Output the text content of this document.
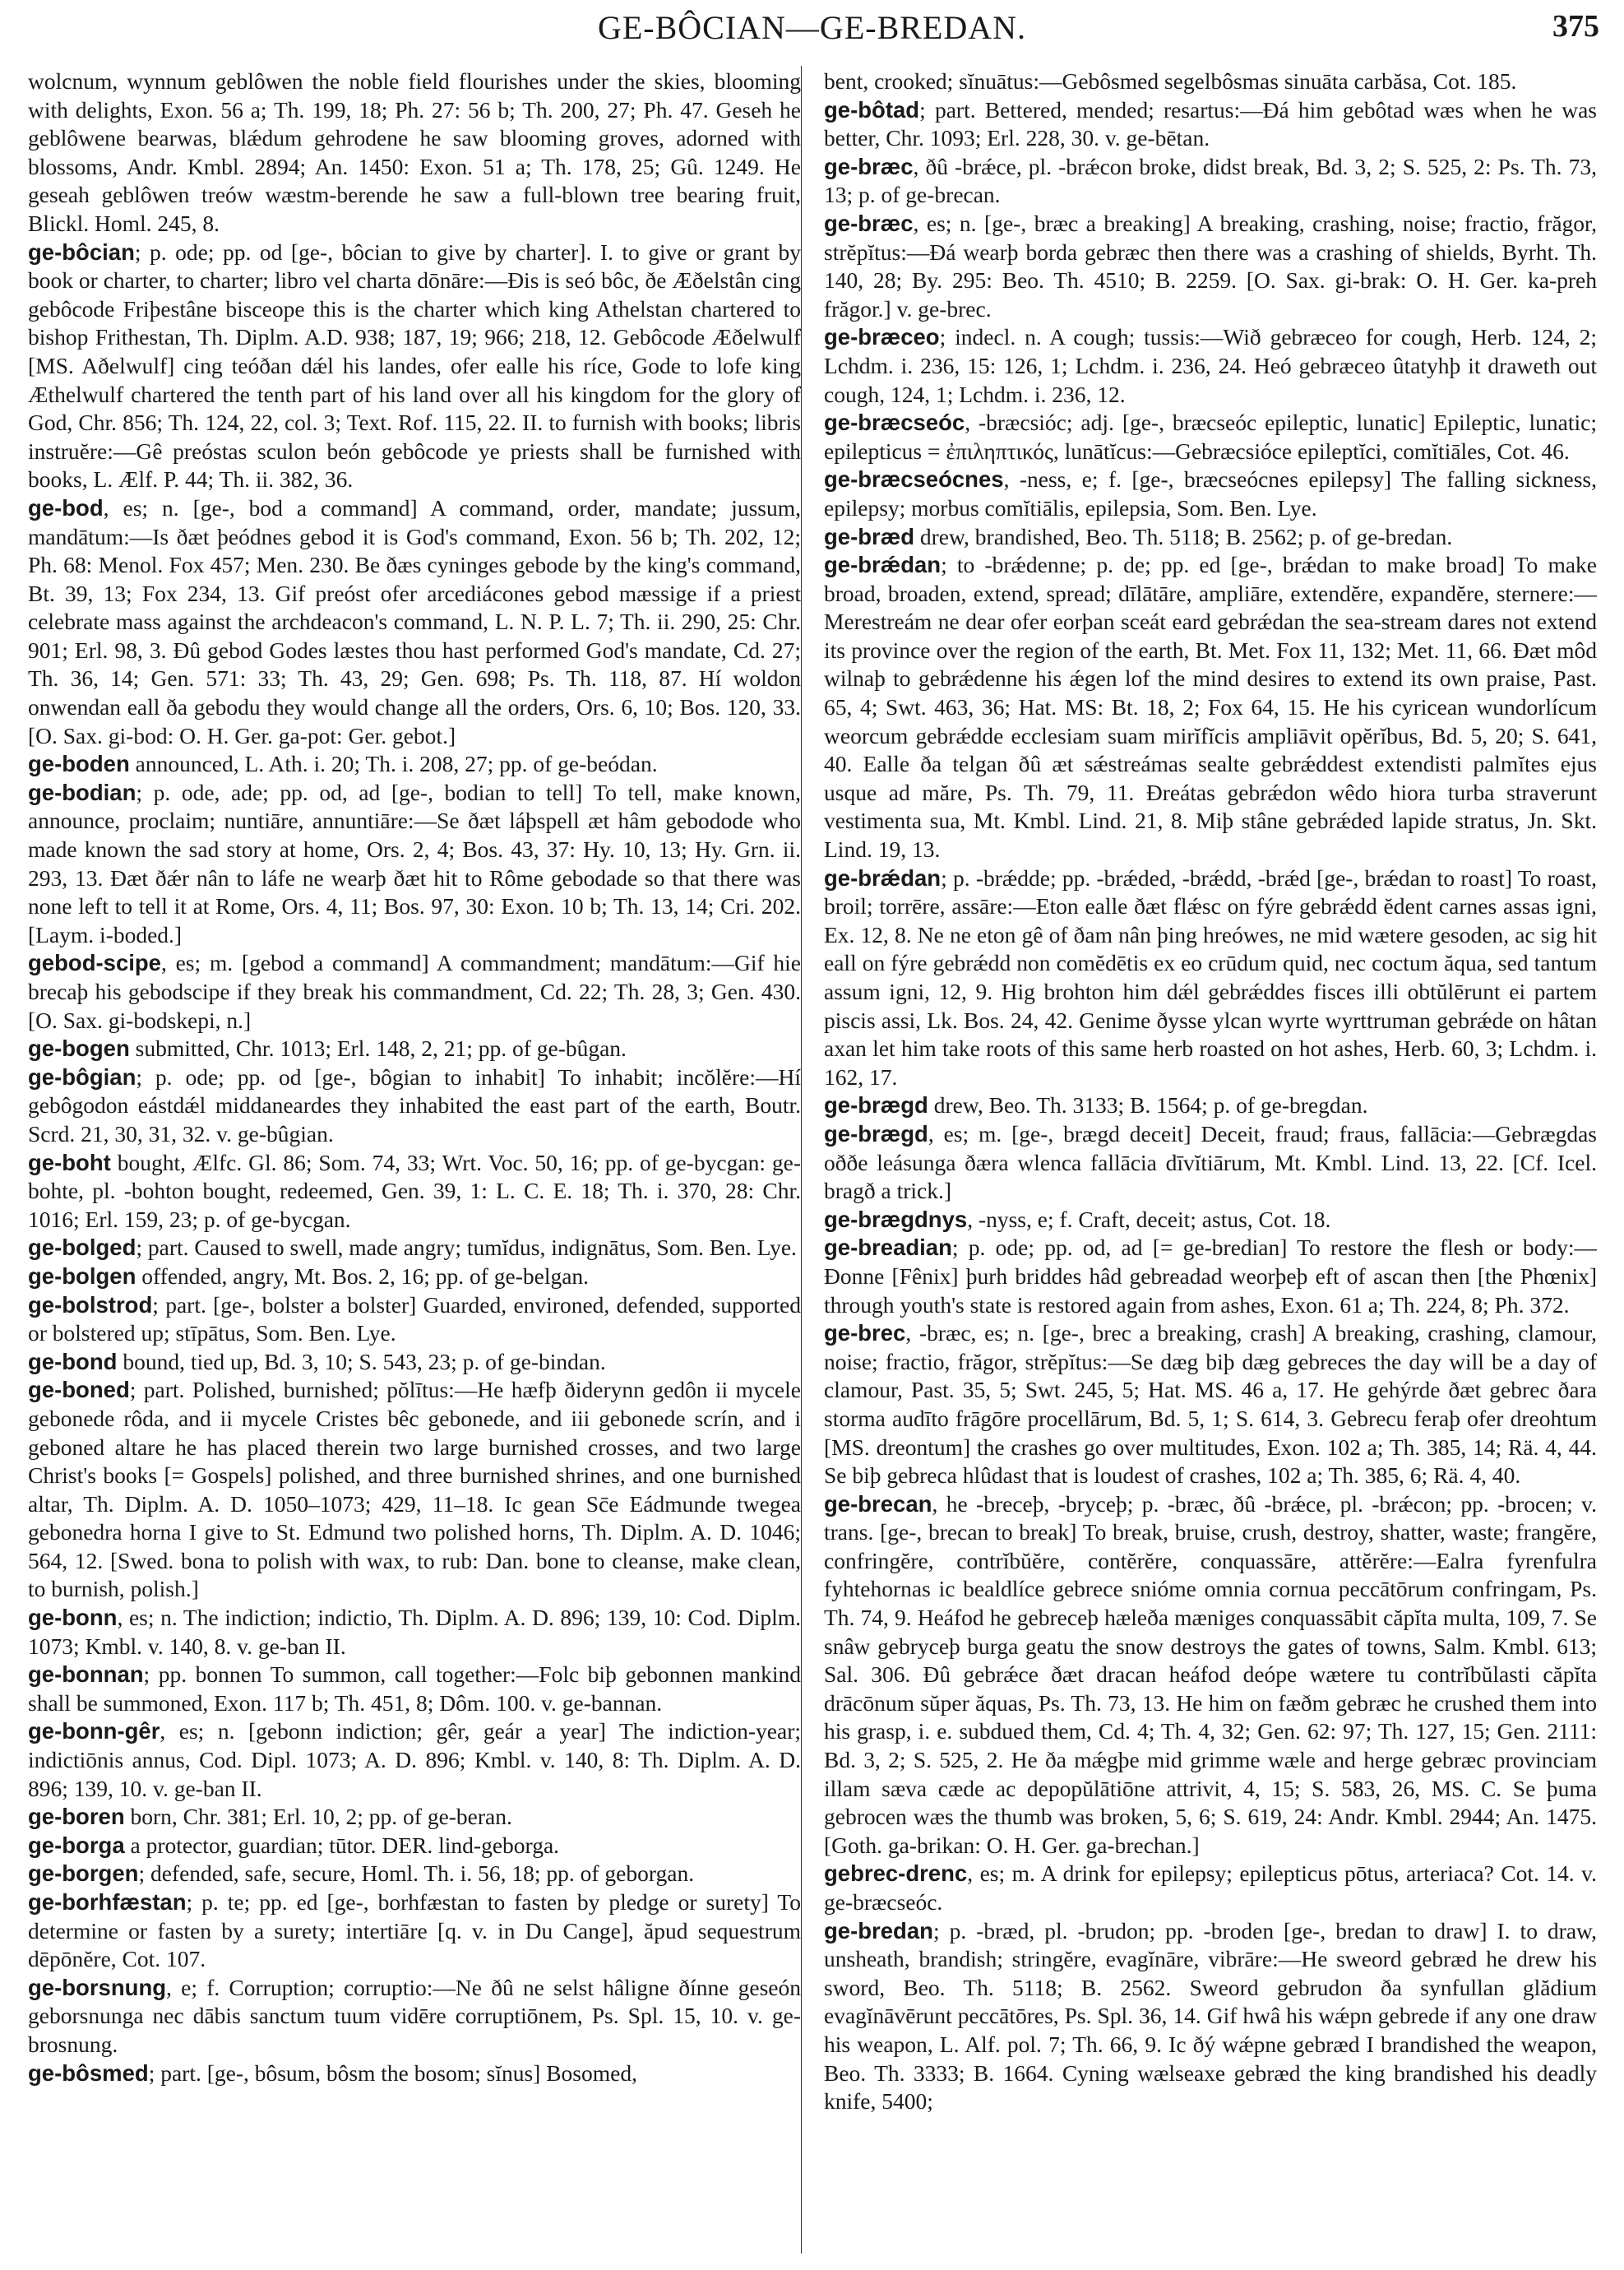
GE-BÔCIAN—GE-BREDAN.	375

wolcnum, wynnum geblôwen the noble field flourishes under the skies, blooming with delights, Exon. 56 a; Th. 199, 18; Ph. 27: 56 b; Th. 200, 27; Ph. 47. Geseh he geblôwene bearwas, blǽdum gehrodene he saw blooming groves, adorned with blossoms, Andr. Kmbl. 2894; An. 1450: Exon. 51 a; Th. 178, 25; Gû. 1249. He geseah geblôwen treów wæstm-berende he saw a full-blown tree bearing fruit, Blickl. Homl. 245, 8.

ge-bôcian; p. ode; pp. od [ge-, bôcian to give by charter]. I. to give or grant by book or charter, to charter; libro vel charta dōnāre:—Ðis is seó bôc, ðe Æðelstân cing gebôcode Friþestâne bisceope this is the charter which king Athelstan chartered to bishop Frithestan, Th. Diplm. A.D. 938; 187, 19; 966; 218, 12. Gebôcode Æðelwulf [MS. Aðelwulf] cing teóðan dǽl his landes, ofer ealle his ríce, Gode to lofe king Æthelwulf chartered the tenth part of his land over all his kingdom for the glory of God, Chr. 856; Th. 124, 22, col. 3; Text. Rof. 115, 22. II. to furnish with books; libris instruĕre:—Gê preóstas sculon beón gebôcode ye priests shall be furnished with books, L. Ælf. P. 44; Th. ii. 382, 36.

ge-bod, es; n. [ge-, bod a command] A command, order, mandate; jussum, mandātum:—Is ðæt þeódnes gebod it is God's command, Exon. 56 b; Th. 202, 12; Ph. 68: Menol. Fox 457; Men. 230. Be ðæs cyninges gebode by the king's command, Bt. 39, 13; Fox 234, 13. Gif preóst ofer arcediácones gebod mæssige if a priest celebrate mass against the archdeacon's command, L. N. P. L. 7; Th. ii. 290, 25: Chr. 901; Erl. 98, 3. Ðû gebod Godes læstes thou hast performed God's mandate, Cd. 27; Th. 36, 14; Gen. 571: 33; Th. 43, 29; Gen. 698; Ps. Th. 118, 87. Hí woldon onwendan eall ða gebodu they would change all the orders, Ors. 6, 10; Bos. 120, 33. [O. Sax. gi-bod: O. H. Ger. ga-pot: Ger. gebot.]

ge-boden announced, L. Ath. i. 20; Th. i. 208, 27; pp. of ge-beódan.

ge-bodian; p. ode, ade; pp. od, ad [ge-, bodian to tell] To tell, make known, announce, proclaim; nuntiāre, annuntiāre:—Se ðæt láþspell æt hâm gebodode who made known the sad story at home, Ors. 2, 4; Bos. 43, 37: Hy. 10, 13; Hy. Grn. ii. 293, 13. Ðæt ðǽr nân to láfe ne wearþ ðæt hit to Rôme gebodade so that there was none left to tell it at Rome, Ors. 4, 11; Bos. 97, 30: Exon. 10 b; Th. 13, 14; Cri. 202. [Laym. i-boded.]

gebod-scipe, es; m. [gebod a command] A commandment; mandātum:—Gif hie brecaþ his gebodscipe if they break his commandment, Cd. 22; Th. 28, 3; Gen. 430. [O. Sax. gi-bodskepi, n.]

ge-bogen submitted, Chr. 1013; Erl. 148, 2, 21; pp. of ge-bûgan.

ge-bôgian; p. ode; pp. od [ge-, bôgian to inhabit] To inhabit; incŏlĕre:—Hí gebôgodon eástdǽl middaneardes they inhabited the east part of the earth, Boutr. Scrd. 21, 30, 31, 32. v. ge-bûgian.

ge-boht bought, Ælfc. Gl. 86; Som. 74, 33; Wrt. Voc. 50, 16; pp. of ge-bycgan: ge-bohte, pl. -bohton bought, redeemed, Gen. 39, 1: L. C. E. 18; Th. i. 370, 28: Chr. 1016; Erl. 159, 23; p. of ge-bycgan.

ge-bolged; part. Caused to swell, made angry; tumĭdus, indignātus, Som. Ben. Lye.

ge-bolgen offended, angry, Mt. Bos. 2, 16; pp. of ge-belgan.

ge-bolstrod; part. [ge-, bolster a bolster] Guarded, environed, defended, supported or bolstered up; stīpātus, Som. Ben. Lye.

ge-bond bound, tied up, Bd. 3, 10; S. 543, 23; p. of ge-bindan.

ge-boned; part. Polished, burnished; pŏlītus:—He hæfþ ðiderynn gedôn ii mycele gebonede rôda, and ii mycele Cristes bêc gebonede, and iii gebonede scrín, and i geboned altare he has placed therein two large burnished crosses, and two large Christ's books [= Gospels] polished, and three burnished shrines, and one burnished altar, Th. Diplm. A. D. 1050–1073; 429, 11–18. Ic gean Sc̄e Eádmunde twegea gebonedra horna I give to St. Edmund two polished horns, Th. Diplm. A. D. 1046; 564, 12. [Swed. bona to polish with wax, to rub: Dan. bone to cleanse, make clean, to burnish, polish.]

ge-bonn, es; n. The indiction; indictio, Th. Diplm. A. D. 896; 139, 10: Cod. Diplm. 1073; Kmbl. v. 140, 8. v. ge-ban II.

ge-bonnan; pp. bonnen To summon, call together:—Folc biþ gebonnen mankind shall be summoned, Exon. 117 b; Th. 451, 8; Dôm. 100. v. ge-bannan.

ge-bonn-gêr, es; n. [gebonn indiction; gêr, geár a year] The indiction-year; indictiōnis annus, Cod. Dipl. 1073; A. D. 896; Kmbl. v. 140, 8: Th. Diplm. A. D. 896; 139, 10. v. ge-ban II.

ge-boren born, Chr. 381; Erl. 10, 2; pp. of ge-beran.

ge-borga a protector, guardian; tūtor. DER. lind-geborga.

ge-borgen; defended, safe, secure, Homl. Th. i. 56, 18; pp. of geborgan.

ge-borhfæstan; p. te; pp. ed [ge-, borhfæstan to fasten by pledge or surety] To determine or fasten by a surety; intertiāre [q. v. in Du Cange], ăpud sequestrum dēpōnĕre, Cot. 107.

ge-borsnung, e; f. Corruption; corruptio:—Ne ðû ne selst hâligne ðínne geseón geborsnunga nec dābis sanctum tuum vidēre corruptiōnem, Ps. Spl. 15, 10. v. ge-brosnung.

ge-bôsmed; part. [ge-, bôsum, bôsm the bosom; sĭnus] Bosomed,

bent, crooked; sĭnuātus:—Gebôsmed segelbôsmas sinuāta carbăsa, Cot. 185.

ge-bôtad; part. Bettered, mended; resartus:—Ðá him gebôtad wæs when he was better, Chr. 1093; Erl. 228, 30. v. ge-bētan.

ge-bræc, ðû -brǽce, pl. -brǽcon broke, didst break, Bd. 3, 2; S. 525, 2: Ps. Th. 73, 13; p. of ge-brecan.

ge-bræc, es; n. [ge-, bræc a breaking] A breaking, crashing, noise; fractio, frăgor, strĕpĭtus:—Ðá wearþ borda gebræc then there was a crashing of shields, Byrht. Th. 140, 28; By. 295: Beo. Th. 4510; B. 2259. [O. Sax. gi-brak: O. H. Ger. ka-preh frăgor.] v. ge-brec.

ge-bræceo; indecl. n. A cough; tussis:—Wið gebræceo for cough, Herb. 124, 2; Lchdm. i. 236, 15: 126, 1; Lchdm. i. 236, 24. Heó gebræceo ûtatyhþ it draweth out cough, 124, 1; Lchdm. i. 236, 12.

ge-bræcseóc, -bræcsióc; adj. [ge-, bræcseóc epileptic, lunatic] Epileptic, lunatic; epilepticus = ἐπιληπτικός, lunātĭcus:—Gebræcsióce epileptĭci, comĭtiāles, Cot. 46.

ge-bræcseócnes, -ness, e; f. [ge-, bræcseócnes epilepsy] The falling sickness, epilepsy; morbus comĭtiālis, epilepsia, Som. Ben. Lye.

ge-bræd drew, brandished, Beo. Th. 5118; B. 2562; p. of ge-bredan.

ge-brǽdan; to -brǽdenne; p. de; pp. ed [ge-, brǽdan to make broad] To make broad, broaden, extend, spread; dīlātāre, ampliāre, extendĕre, expandĕre, sternere:—Merestreám ne dear ofer eorþan sceát eard gebrǽdan the sea-stream dares not extend its province over the region of the earth, Bt. Met. Fox 11, 132; Met. 11, 66. Ðæt môd wilnaþ to gebrǽdenne his ǽgen lof the mind desires to extend its own praise, Past. 65, 4; Swt. 463, 36; Hat. MS: Bt. 18, 2; Fox 64, 15. He his cyricean wundorlícum weorcum gebrǽdde ecclesiam suam mirĭfĭcis ampliāvit opĕrĭbus, Bd. 5, 20; S. 641, 40. Ealle ða telgan ðû æt sǽstreámas sealte gebrǽddest extendisti palmĭtes ejus usque ad măre, Ps. Th. 79, 11. Ðreátas gebrǽdon wêdo hiora turba straverunt vestimenta sua, Mt. Kmbl. Lind. 21, 8. Miþ stâne gebrǽded lapide stratus, Jn. Skt. Lind. 19, 13.

ge-brǽdan; p. -brǽdde; pp. -brǽded, -brǽdd, -brǽd [ge-, brǽdan to roast] To roast, broil; torrēre, assāre:—Eton ealle ðæt flǽsc on fýre gebrǽdd ĕdent carnes assas igni, Ex. 12, 8. Ne ne eton gê of ðam nân þing hreówes, ne mid wætere gesoden, ac sig hit eall on fýre gebrǽdd non comĕdētis ex eo crūdum quid, nec coctum ăqua, sed tantum assum igni, 12, 9. Hig brohton him dǽl gebrǽddes fisces illi obtŭlērunt ei partem piscis assi, Lk. Bos. 24, 42. Genime ðysse ylcan wyrte wyrttruman gebrǽde on hâtan axan let him take roots of this same herb roasted on hot ashes, Herb. 60, 3; Lchdm. i. 162, 17.

ge-brægd drew, Beo. Th. 3133; B. 1564; p. of ge-bregdan.

ge-brægd, es; m. [ge-, brægd deceit] Deceit, fraud; fraus, fallācia:—Gebrægdas oððe leásunga ðæra wlenca fallācia dīvĭtiārum, Mt. Kmbl. Lind. 13, 22. [Cf. Icel. bragð a trick.]

ge-brægdnys, -nyss, e; f. Craft, deceit; astus, Cot. 18.

ge-breadian; p. ode; pp. od, ad [= ge-bredian] To restore the flesh or body:—Ðonne [Fênix] þurh briddes hâd gebreadad weorþeþ eft of ascan then [the Phœnix] through youth's state is restored again from ashes, Exon. 61 a; Th. 224, 8; Ph. 372.

ge-brec, -bræc, es; n. [ge-, brec a breaking, crash] A breaking, crashing, clamour, noise; fractio, frăgor, strĕpĭtus:—Se dæg biþ dæg gebreces the day will be a day of clamour, Past. 35, 5; Swt. 245, 5; Hat. MS. 46 a, 17. He gehýrde ðæt gebrec ðara storma audīto frāgōre procellārum, Bd. 5, 1; S. 614, 3. Gebrecu feraþ ofer dreohtum [MS. dreontum] the crashes go over multitudes, Exon. 102 a; Th. 385, 14; Rä. 4, 44. Se biþ gebreca hlûdast that is loudest of crashes, 102 a; Th. 385, 6; Rä. 4, 40.

ge-brecan, he -breceþ, -bryceþ; p. -bræc, ðû -brǽce, pl. -brǽcon; pp. -brocen; v. trans. [ge-, brecan to break] To break, bruise, crush, destroy, shatter, waste; frangĕre, confringĕre, contrĭbŭĕre, contĕrĕre, conquassāre, attĕrĕre:—Ealra fyrenfulra fyhtehornas ic bealdlíce gebrece snióme omnia cornua peccātōrum confringam, Ps. Th. 74, 9. Heáfod he gebreceþ hæleða mæniges conquassābit căpĭta multa, 109, 7. Se snâw gebryceþ burga geatu the snow destroys the gates of towns, Salm. Kmbl. 613; Sal. 306. Ðû gebrǽce ðæt dracan heáfod deópe wætere tu contrĭbŭlasti căpĭta drācōnum sŭper ăquas, Ps. Th. 73, 13. He him on fæðm gebræc he crushed them into his grasp, i. e. subdued them, Cd. 4; Th. 4, 32; Gen. 62: 97; Th. 127, 15; Gen. 2111: Bd. 3, 2; S. 525, 2. He ða mǽgþe mid grimme wæle and herge gebræc provinciam illam sæva cæde ac depopŭlātiōne attrivit, 4, 15; S. 583, 26, MS. C. Se þuma gebrocen wæs the thumb was broken, 5, 6; S. 619, 24: Andr. Kmbl. 2944; An. 1475. [Goth. ga-brikan: O. H. Ger. ga-brechan.]

gebrec-drenc, es; m. A drink for epilepsy; epilepticus pōtus, arteriaca? Cot. 14. v. ge-bræcseóc.

ge-bredan; p. -bræd, pl. -brudon; pp. -broden [ge-, bredan to draw] I. to draw, unsheath, brandish; stringĕre, evagĭnāre, vibrāre:—He sweord gebræd he drew his sword, Beo. Th. 5118; B. 2562. Sweord gebrudon ða synfullan glădium evagĭnāvērunt peccātōres, Ps. Spl. 36, 14. Gif hwâ his wǽpn gebrede if any one draw his weapon, L. Alf. pol. 7; Th. 66, 9. Ic ðý wǽpne gebræd I brandished the weapon, Beo. Th. 3333; B. 1664. Cyning wælseaxe gebræd the king brandished his deadly knife, 5400;
